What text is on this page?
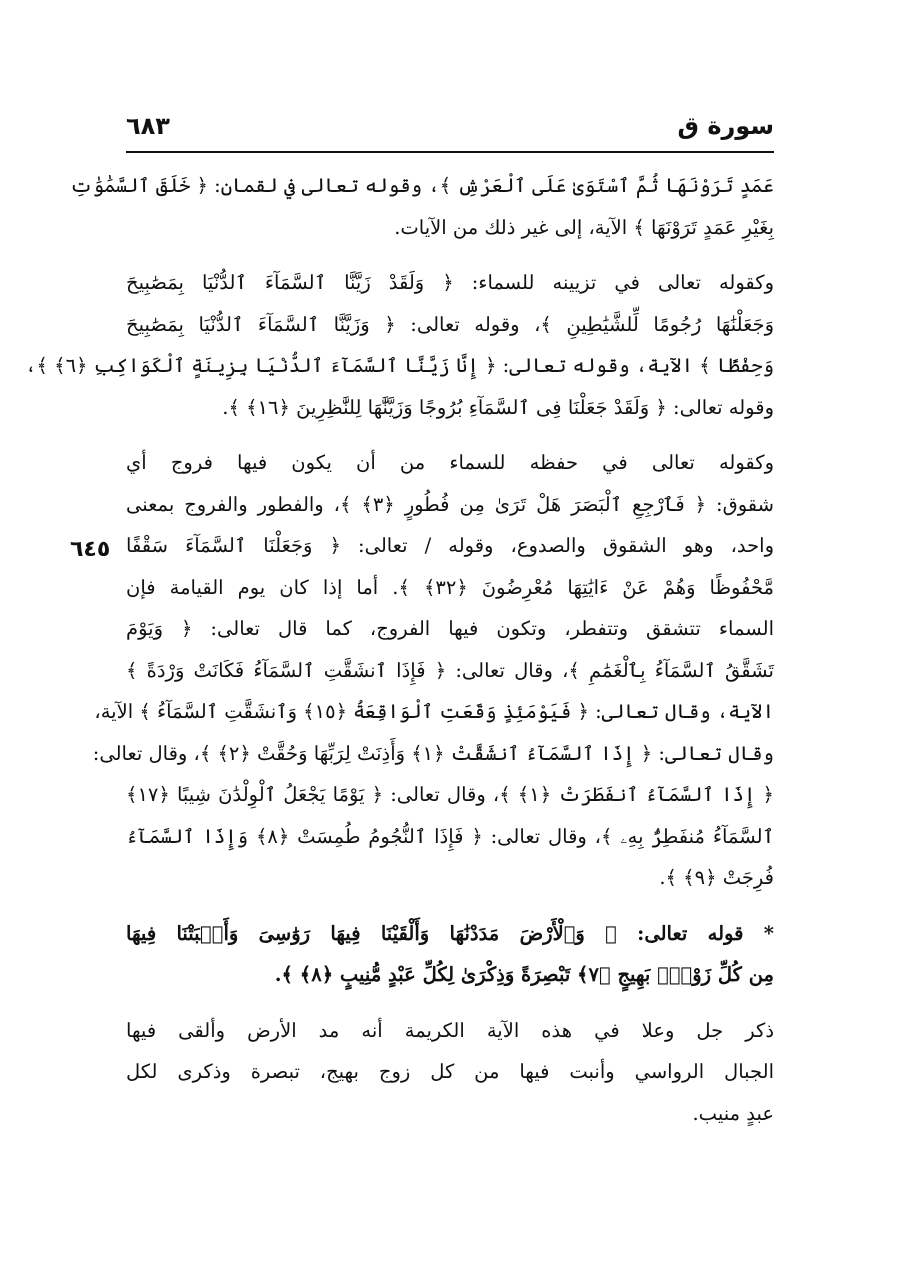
سورة ق
٦٨٣
٦٤٥
عَمَدٍ تَرَوْنَهَا ثُمَّ ٱسْتَوَىٰ عَلَى ٱلْعَرْشِ ﴾، وقوله تعالى في لقمان: ﴿ خَلَقَ ٱلسَّمَٰوَٰتِ
بِغَيْرِ عَمَدٍ تَرَوْنَهَا ﴾ الآية، إلى غير ذلك من الآيات.
وكقوله تعالى في تزيينه للسماء: ﴿ وَلَقَدْ زَيَّنَّا ٱلسَّمَآءَ ٱلدُّنْيَا بِمَصَٰبِيحَ
وَجَعَلْنَٰهَا رُجُومًا لِّلشَّيَٰطِينِ ﴾، وقوله تعالى: ﴿ وَزَيَّنَّا ٱلسَّمَآءَ ٱلدُّنْيَا بِمَصَٰبِيحَ
وَحِفْظًا ﴾ الآية، وقوله تعالى: ﴿ إِنَّا زَيَّنَّا ٱلسَّمَآءَ ٱلدُّنْيَا بِزِينَةٍ ٱلْكَوَاكِبِ ﴿٦﴾ ﴾،
وقوله تعالى: ﴿ وَلَقَدْ جَعَلْنَا فِى ٱلسَّمَآءِ بُرُوجًا وَزَيَّنَّٰهَا لِلنَّٰظِرِينَ ﴿١٦﴾ ﴾.
وكقوله تعالى في حفظه للسماء من أن يكون فيها فروج أي
شقوق: ﴿ فَٱرْجِعِ ٱلْبَصَرَ هَلْ تَرَىٰ مِن فُطُورٍ ﴿٣﴾ ﴾، والفطور والفروج بمعنى
واحد، وهو الشقوق والصدوع، وقوله / تعالى: ﴿ وَجَعَلْنَا ٱلسَّمَآءَ سَقْفًا
مَّحْفُوظًا وَهُمْ عَنْ ءَايَٰتِهَا مُعْرِضُونَ ﴿٣٢﴾ ﴾. أما إذا كان يوم القيامة فإن
السماء تتشقق وتتفطر، وتكون فيها الفروج، كما قال تعالى: ﴿ وَيَوْمَ
تَشَقَّقُ ٱلسَّمَآءُ بِٱلْغَمَٰمِ ﴾، وقال تعالى: ﴿ فَإِذَا ٱنشَقَّتِ ٱلسَّمَآءُ فَكَانَتْ وَرْدَةً ﴾
الآية، وقال تعالى: ﴿ فَيَوْمَئِذٍ وَقَعَتِ ٱلْوَاقِعَةُ ﴿١٥﴾ وَٱنشَقَّتِ ٱلسَّمَآءُ ﴾ الآية،
وقال تعالى: ﴿ إِذَا ٱلسَّمَآءُ ٱنشَقَّتْ ﴿١﴾ وَأَذِنَتْ لِرَبِّهَا وَحُقَّتْ ﴿٢﴾ ﴾، وقال تعالى:
﴿ إِذَا ٱلسَّمَآءُ ٱنفَطَرَتْ ﴿١﴾ ﴾، وقال تعالى: ﴿ يَوْمًا يَجْعَلُ ٱلْوِلْدَٰنَ شِيبًا ﴿١٧﴾
ٱلسَّمَآءُ مُنفَطِرٌۢ بِهِۦ ﴾، وقال تعالى: ﴿ فَإِذَا ٱلنُّجُومُ طُمِسَتْ ﴿٨﴾ وَإِذَا ٱلسَّمَآءُ
فُرِجَتْ ﴿٩﴾ ﴾.
* قوله تعالى: ﴿ وَٱلْأَرْضَ مَدَدْنَٰهَا وَأَلْقَيْنَا فِيهَا رَوَٰسِىَ وَأَنۢبَتْنَا فِيهَا
مِن كُلِّ زَوْجٍۭ بَهِيجٍ ﴿٧﴾ تَبْصِرَةً وَذِكْرَىٰ لِكُلِّ عَبْدٍ مُّنِيبٍ ﴿٨﴾ ﴾.
ذكر جل وعلا في هذه الآية الكريمة أنه مد الأرض وألقى فيها
الجبال الرواسي وأنبت فيها من كل زوج بهيج، تبصرة وذكرى لكل
عبدٍ منيب.
